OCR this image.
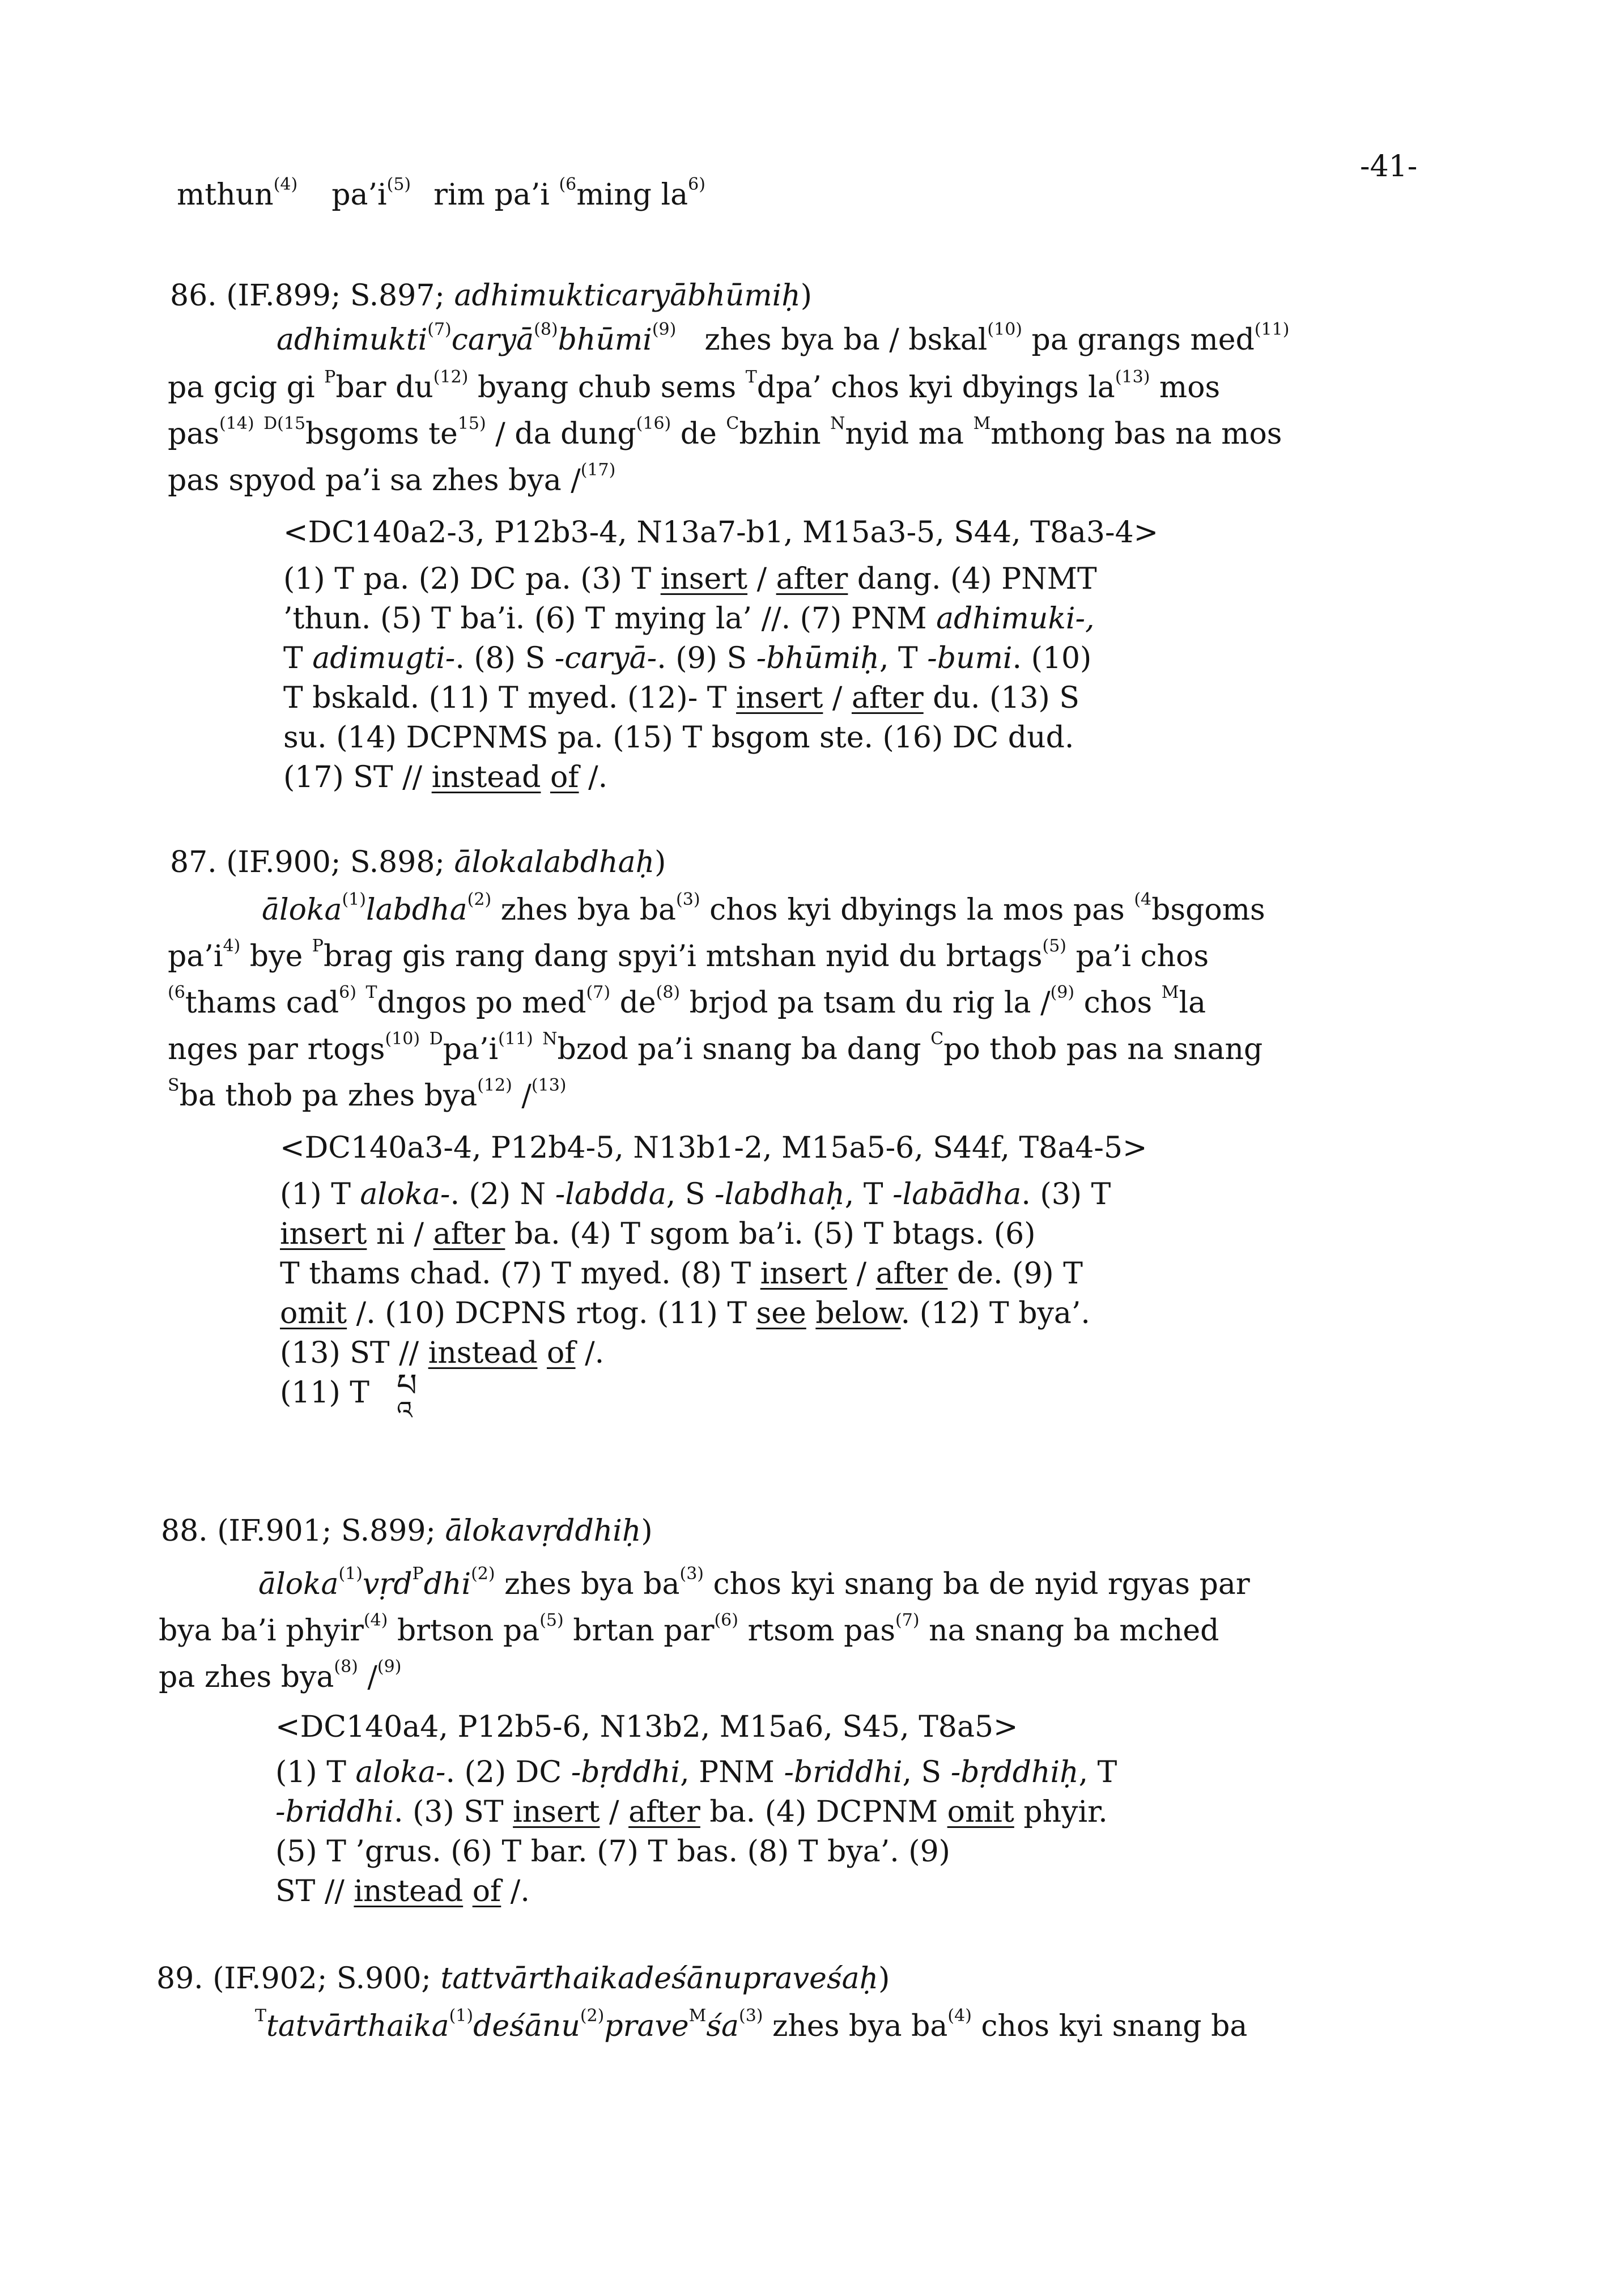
-41-
mthun$^{(4)}$ $pa’i^{(5)}$ rim pa’i $^{(6}$ming $la^{6)}$
86. (IF.899; S.897; adhimukticaryābhūmiḥ)
adhimukti$^{(7)}$caryā$^{(8)}$bhūmi$^{(9)}$ zhes bya ba / bskal$^{(10)}$ pa grangs med$^{(11)}$
pa gcig gi $^P$bar $du^{(12)}$ byang chub sems $^T$dpa’ chos kyi dbyings $la^{(13)}$ mos
pas$^{(14)}$ $^{D(15}$bsgoms $te^{15)}$ / da dung$^{(16)}$ de $^C$bzhin $^N$nyid ma $^M$mthong bas na mos
pas spyod pa’i sa zhes bya /$^{(17)}$
<DC140a2-3, P12b3-4, N13a7-b1, M15a3-5, S44, T8a3-4>
(1) T pa. (2) DC pa. (3) T insert / after dang. (4) PNMT
’thun. (5) T ba’i. (6) T mying la’ //. (7) PNM adhimuki-,
T adimugti-. (8) S -caryā-. (9) S -bhūmiḥ, T -bumi. (10)
T bskald. (11) T myed. (12)- T insert / after du. (13) S
su. (14) DCPNMS pa. (15) T bsgom ste. (16) DC dud.
(17) ST // instead of /.
87. (IF.900; S.898; ālokalabdhaḥ)
āloka$^{(1)}$labdha$^{(2)}$ zhes bya $ba^{(3)}$ chos kyi dbyings la mos pas $^{(4}$bsgoms
$pa’i^{4)}$ bye $^P$brag gis rang dang spyi’i mtshan nyid du brtags$^{(5)}$ pa’i chos
$^{(6}$thams cad$^{6)}$ $^T$dngos po med$^{(7)}$ $de^{(8)}$ brjod pa tsam du rig la /$^{(9)}$ chos $^M$la
nges par rtogs$^{(10)}$ $^Dpa’i^{(11)}$ $^N$bzod pa’i snang ba dang $^C$po thob pas na snang
$^S$ba thob pa zhes bya$^{(12)}$ /$^{(13)}$
<DC140a3-4, P12b4-5, N13b1-2, M15a5-6, S44f, T8a4-5>
(1) T aloka-. (2) N -labdda, S -labdhaḥ, T -labādha. (3) T
insert ni / after ba. (4) T sgom ba’i. (5) T btags. (6)
T thams chad. (7) T myed. (8) T insert / after de. (9) T
omit /. (10) DCPNS rtog. (11) T see below. (12) T bya’.
(13) ST // instead of /.
(11) T པ
འ
88. (IF.901; S.899; ālokavṛddhiḥ)
āloka$^{(1)}$vṛd$^P$dhi$^{(2)}$ zhes bya $ba^{(3)}$ chos kyi snang ba de nyid rgyas par
bya ba’i phyir$^{(4)}$ brtson $pa^{(5)}$ brtan par$^{(6)}$ rtsom pas$^{(7)}$ na snang ba mched
pa zhes bya$^{(8)}$ /$^{(9)}$
<DC140a4, P12b5-6, N13b2, M15a6, S45, T8a5>
(1) T aloka-. (2) DC -bṛddhi, PNM -briddhi, S -bṛddhiḥ, T
-briddhi. (3) ST insert / after ba. (4) DCPNM omit phyir.
(5) T ’grus. (6) T bar. (7) T bas. (8) T bya’. (9)
ST // instead of /.
89. (IF.902; S.900; tattvārthaikadeśānupraveśaḥ)
$^Ttatvārthaika^{(1)}deśānu^{(2)}prave^Mśa^{(3)}$ zhes bya $ba^{(4)}$ chos kyi snang ba
